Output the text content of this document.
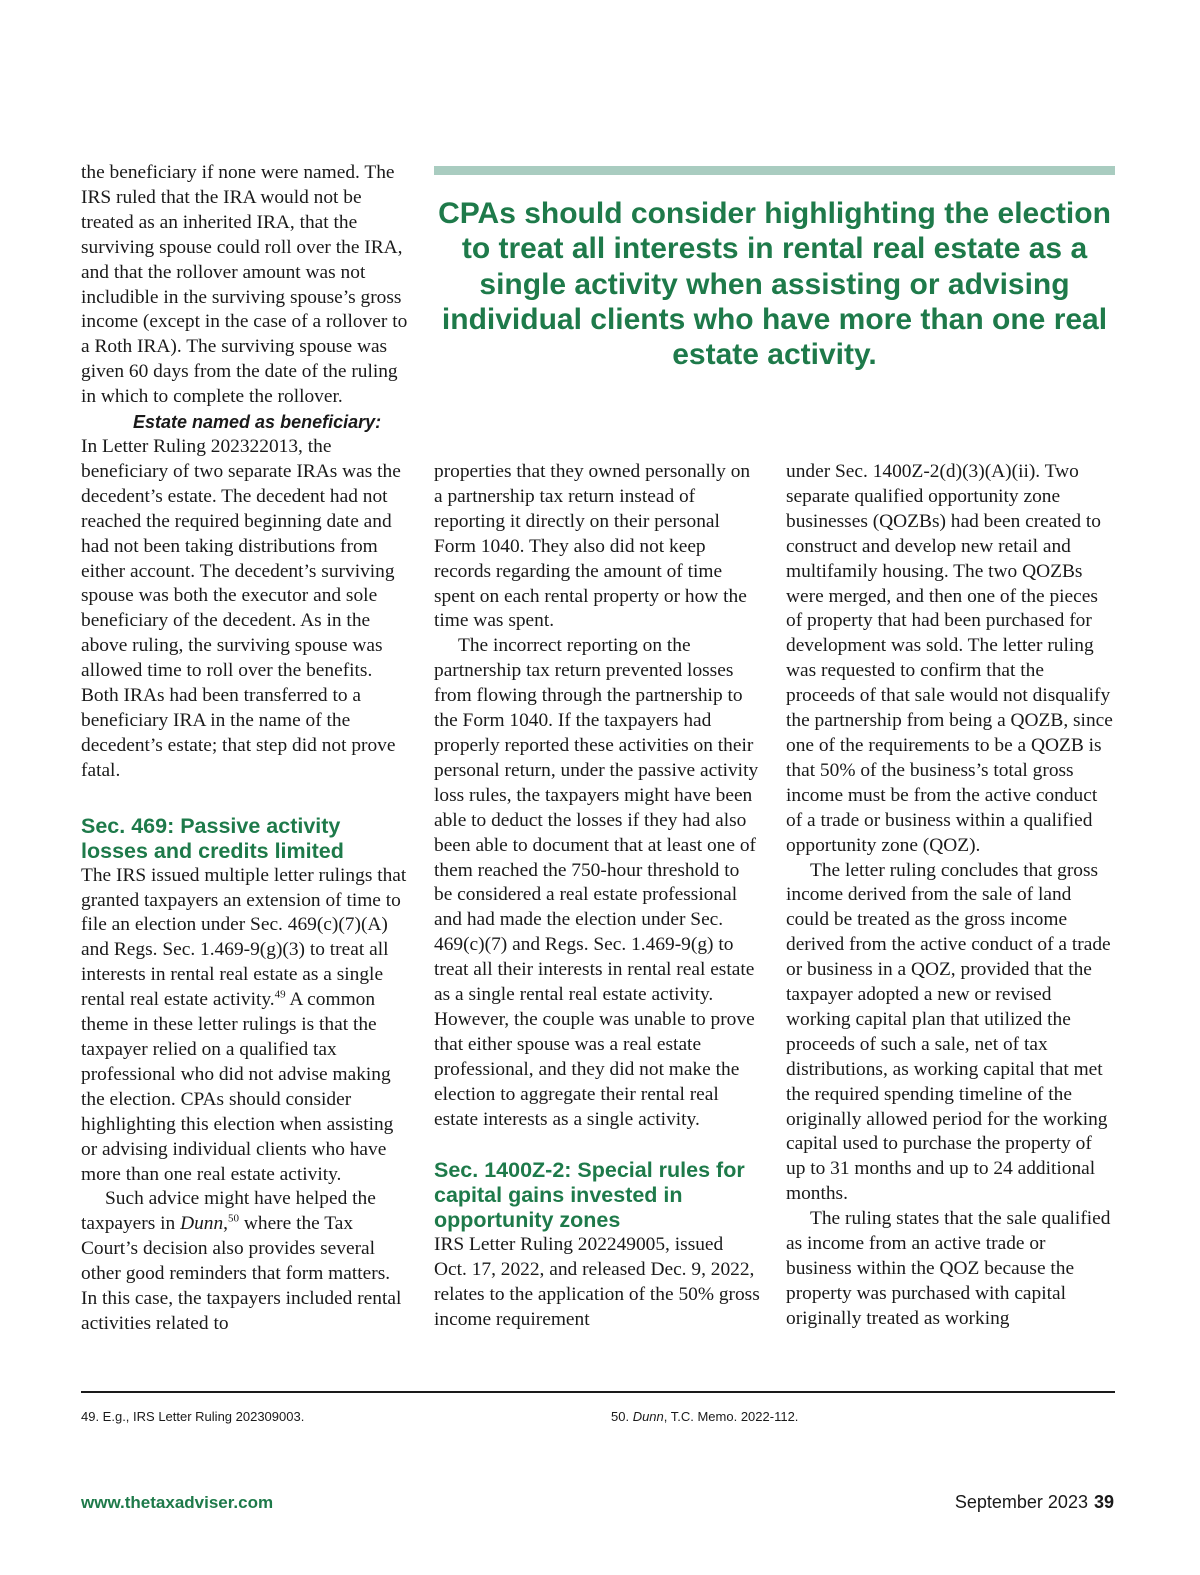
CPAs should consider highlighting the election to treat all interests in rental real estate as a single activity when assisting or advising individual clients who have more than one real estate activity.

the beneficiary if none were named. The IRS ruled that the IRA would not be treated as an inherited IRA, that the surviving spouse could roll over the IRA, and that the rollover amount was not includible in the surviving spouse’s gross income (except in the case of a rollover to a Roth IRA). The surviving spouse was given 60 days from the date of the ruling in which to complete the rollover.

Estate named as beneficiary:

In Letter Ruling 202322013, the beneficiary of two separate IRAs was the decedent’s estate. The decedent had not reached the required beginning date and had not been taking distributions from either account. The decedent’s surviving spouse was both the executor and sole beneficiary of the decedent. As in the above ruling, the surviving spouse was allowed time to roll over the benefits. Both IRAs had been transferred to a beneficiary IRA in the name of the decedent’s estate; that step did not prove fatal.

Sec. 469: Passive activity losses and credits limited

The IRS issued multiple letter rulings that granted taxpayers an extension of time to file an election under Sec. 469(c)(7)(A) and Regs. Sec. 1.469-9(g)(3) to treat all interests in rental real estate as a single rental real estate activity.$^{49}$ A common theme in these letter rulings is that the taxpayer relied on a qualified tax professional who did not advise making the election. CPAs should consider highlighting this election when assisting or advising individual clients who have more than one real estate activity.

Such advice might have helped the taxpayers in Dunn,$^{50}$ where the Tax Court’s decision also provides several other good reminders that form matters. In this case, the taxpayers included rental activities related to

properties that they owned personally on a partnership tax return instead of reporting it directly on their personal Form 1040. They also did not keep records regarding the amount of time spent on each rental property or how the time was spent.

The incorrect reporting on the partnership tax return prevented losses from flowing through the partnership to the Form 1040. If the taxpayers had properly reported these activities on their personal return, under the passive activity loss rules, the taxpayers might have been able to deduct the losses if they had also been able to document that at least one of them reached the 750-hour threshold to be considered a real estate professional and had made the election under Sec. 469(c)(7) and Regs. Sec. 1.469-9(g) to treat all their interests in rental real estate as a single rental real estate activity. However, the couple was unable to prove that either spouse was a real estate professional, and they did not make the election to aggregate their rental real estate interests as a single activity.

Sec. 1400Z-2: Special rules for capital gains invested in opportunity zones

IRS Letter Ruling 202249005, issued Oct. 17, 2022, and released Dec. 9, 2022, relates to the application of the 50% gross income requirement

under Sec. 1400Z-2(d)(3)(A)(ii). Two separate qualified opportunity zone businesses (QOZBs) had been created to construct and develop new retail and multifamily housing. The two QOZBs were merged, and then one of the pieces of property that had been purchased for development was sold. The letter ruling was requested to confirm that the proceeds of that sale would not disqualify the partnership from being a QOZB, since one of the requirements to be a QOZB is that 50% of the business’s total gross income must be from the active conduct of a trade or business within a qualified opportunity zone (QOZ).

The letter ruling concludes that gross income derived from the sale of land could be treated as the gross income derived from the active conduct of a trade or business in a QOZ, provided that the taxpayer adopted a new or revised working capital plan that utilized the proceeds of such a sale, net of tax distributions, as working capital that met the required spending timeline of the originally allowed period for the working capital used to purchase the property of up to 31 months and up to 24 additional months.

The ruling states that the sale qualified as income from an active trade or business within the QOZ because the property was purchased with capital originally treated as working

49. E.g., IRS Letter Ruling 202309003.	50. Dunn, T.C. Memo. 2022-112.
www.thetaxadviser.com	September 2023 39
